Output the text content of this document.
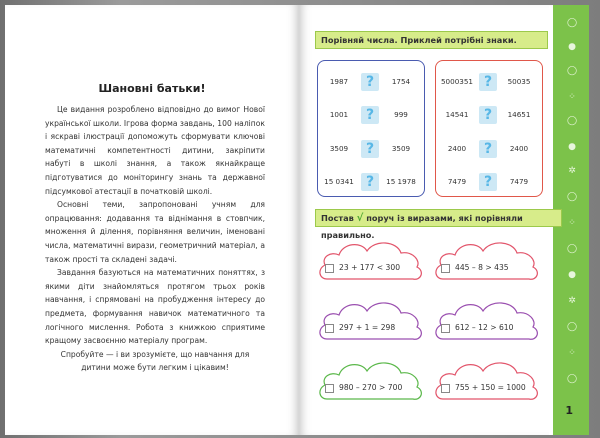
Шановні батьки!

Це видання розроблено відповідно до вимог Нової української школи. Ігрова форма завдань, 100 наліпок і яскраві ілюстрації допоможуть сформувати ключові математичні компетентності дитини, закріпити набуті в школі знання, а також якнайкраще підготуватися до моніторингу знань та державної підсумкової атестації в початковій школі.

Основні теми, запропоновані учням для опрацювання: додавання та віднімання в стовпчик, множення й ділення, порівняння величин, іменовані числа, математичні вирази, геометричний матеріал, а також прості та складені задачі.

Завдання базуються на математичних поняттях, з якими діти знайомляться протягом трьох років навчання, і спрямовані на пробудження інтересу до предмета, формування навичок математичного та логічного мислення. Робота з книжкою сприятиме кращому засвоєнню матеріалу програм.

Спробуйте — і ви зрозумієте, що навчання для дитини може бути легким і цікавим!

◯
●
◯
⁘
◯
●
✲
◯
⁘
◯
●
✲
◯
⁘
◯
Порівняй числа. Приклей потрібні знаки.
1987	?	1754
1001	?	999
3509	?	3509
15 0341 ?	15 1978
5000351 ?	50035
14541	?	14651
2400	?	2400
7479	?	7479
Постав √ поруч із виразами, які порівняли правильно.
23 + 177 < 300	445 – 8 > 435
297 + 1 = 298	612 – 12 > 610
980 – 270 > 700	755 + 150 = 1000
1
